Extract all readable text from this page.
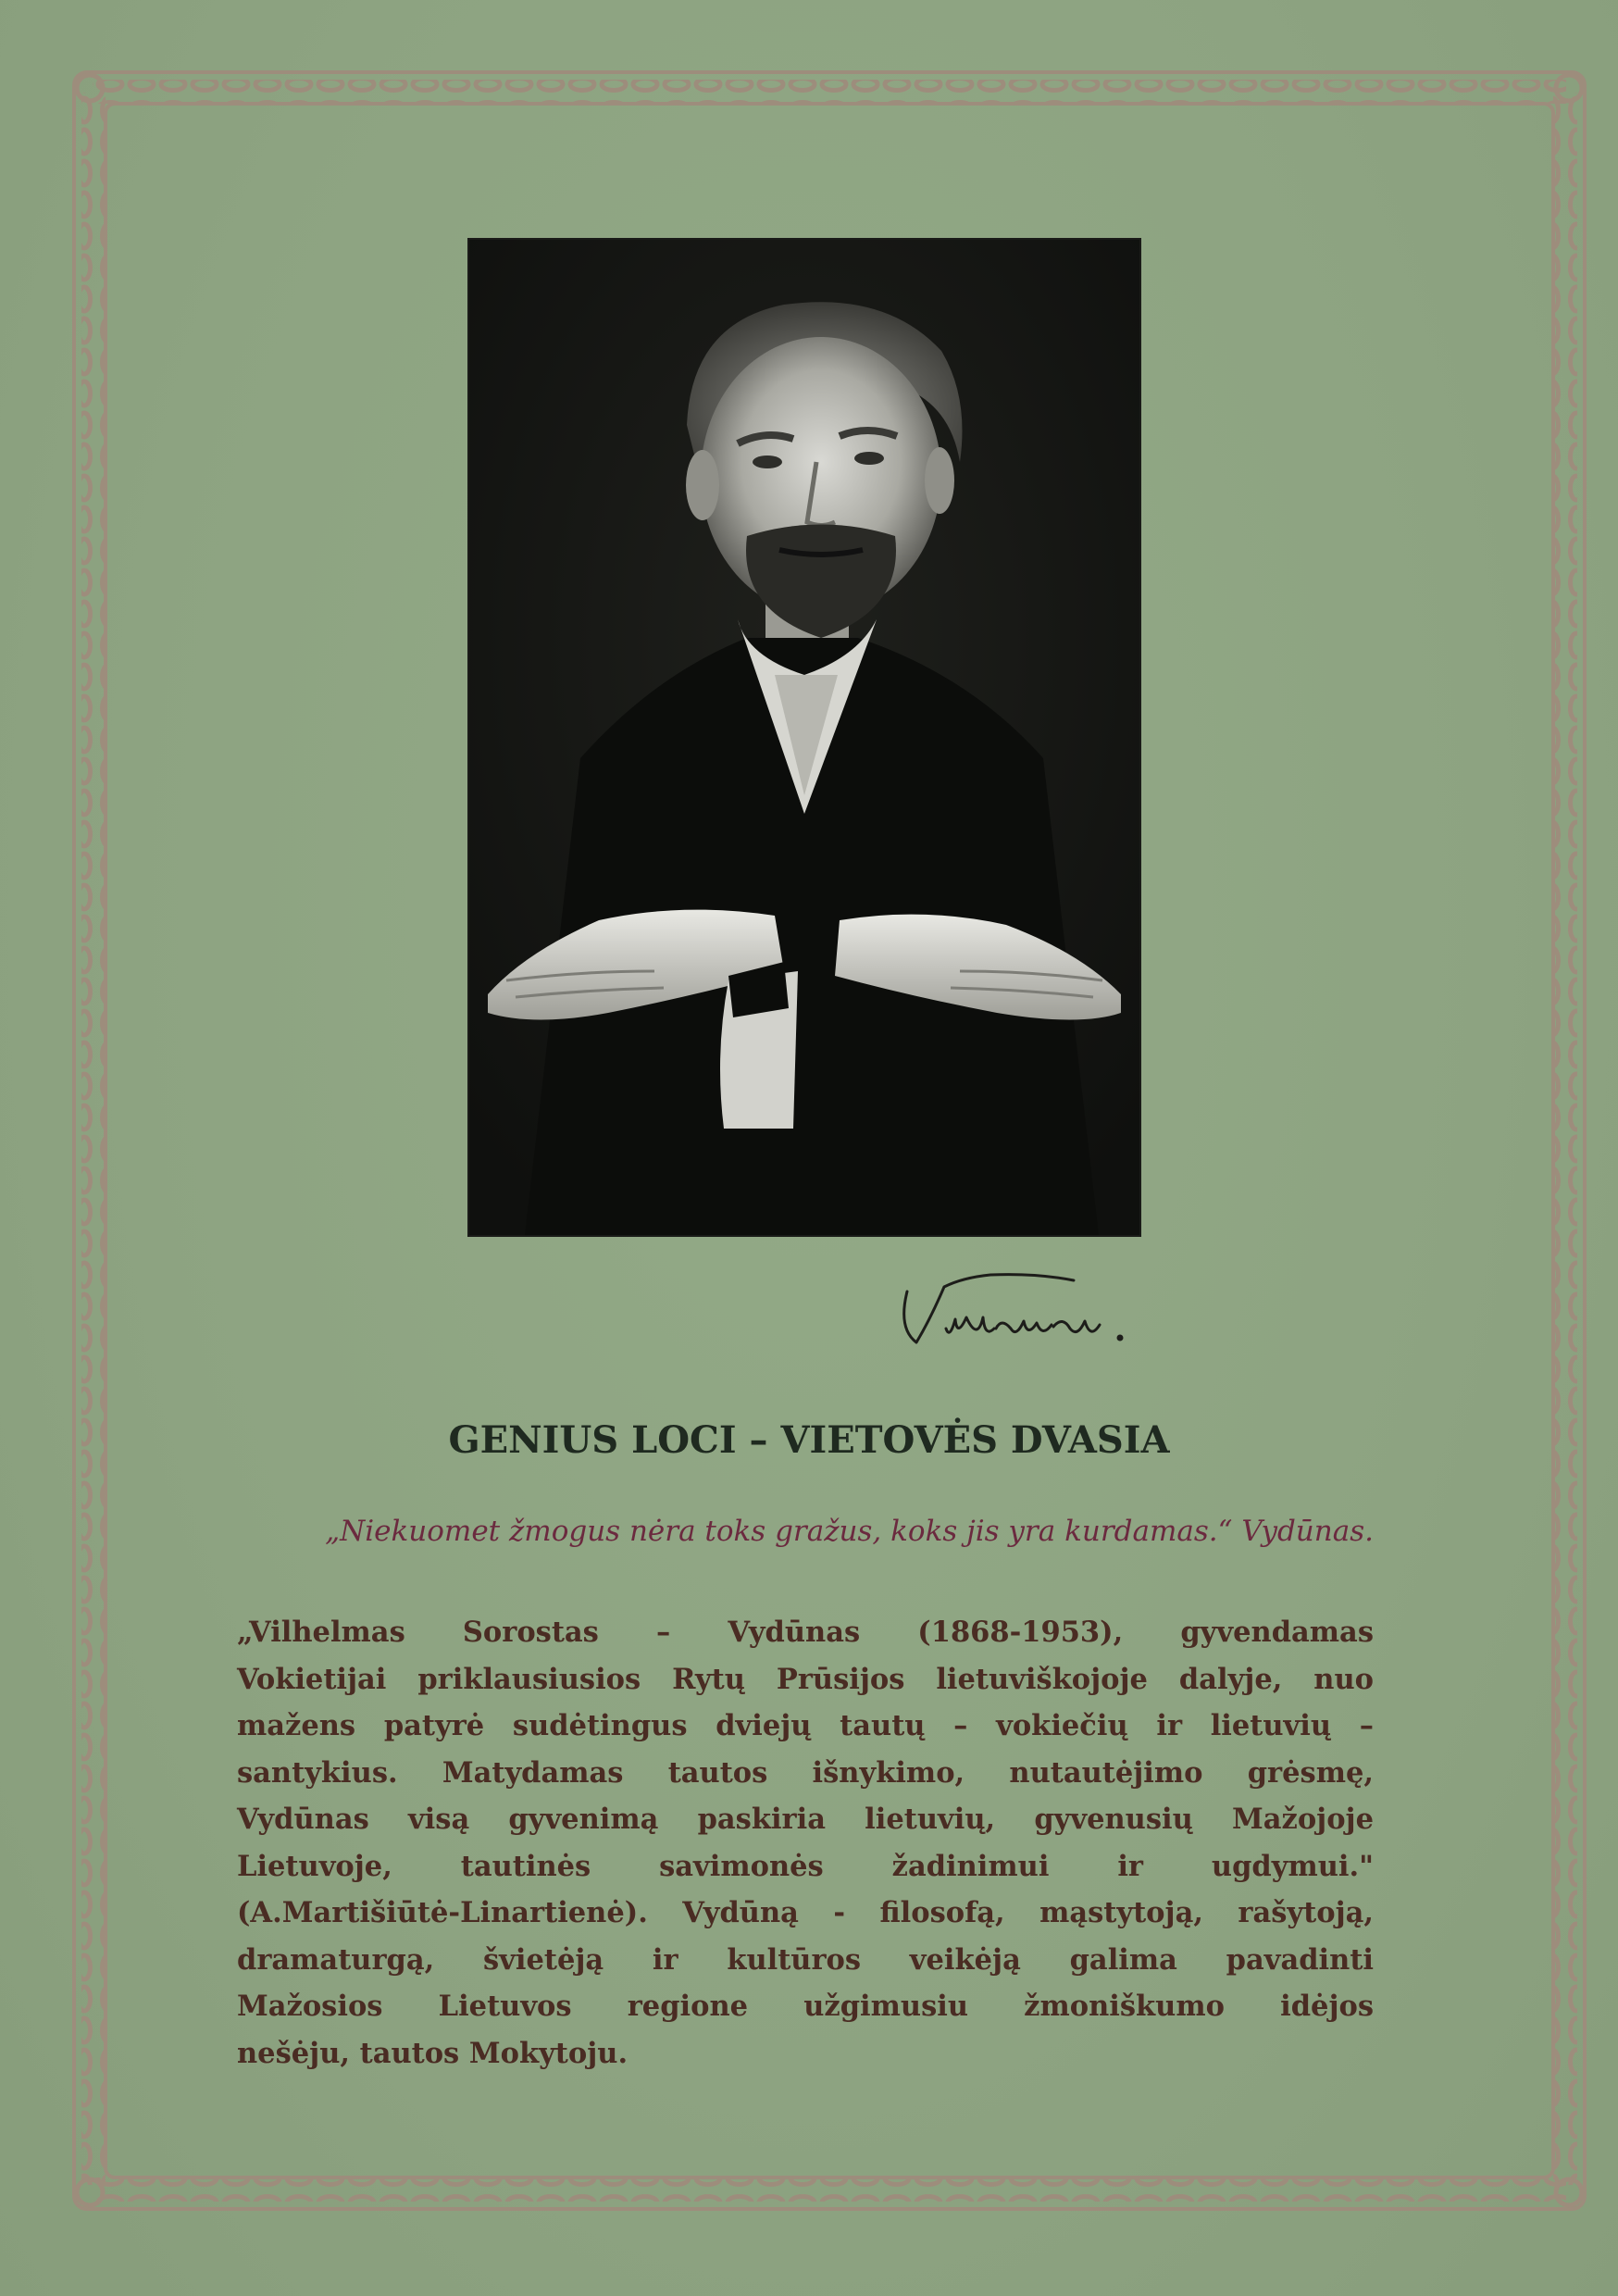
GENIUS LOCI – VIETOVĖS DVASIA
„Niekuomet žmogus nėra toks gražus, koks jis yra kurdamas.“ Vydūnas.
„Vilhelmas Sorostas – Vydūnas (1868-1953), gyvendamas
Vokietijai priklausiusios Rytų Prūsijos lietuviškojoje dalyje, nuo
mažens patyrė sudėtingus dviejų tautų – vokiečių ir lietuvių –
santykius. Matydamas tautos išnykimo, nutautėjimo grėsmę,
Vydūnas visą gyvenimą paskiria lietuvių, gyvenusių Mažojoje
Lietuvoje, tautinės savimonės žadinimui ir ugdymui."
(A.Martišiūtė-Linartienė). Vydūną - filosofą, mąstytoją, rašytoją,
dramaturgą, švietėją ir kultūros veikėją galima pavadinti
Mažosios Lietuvos regione užgimusiu žmoniškumo idėjos
nešėju, tautos Mokytoju.
